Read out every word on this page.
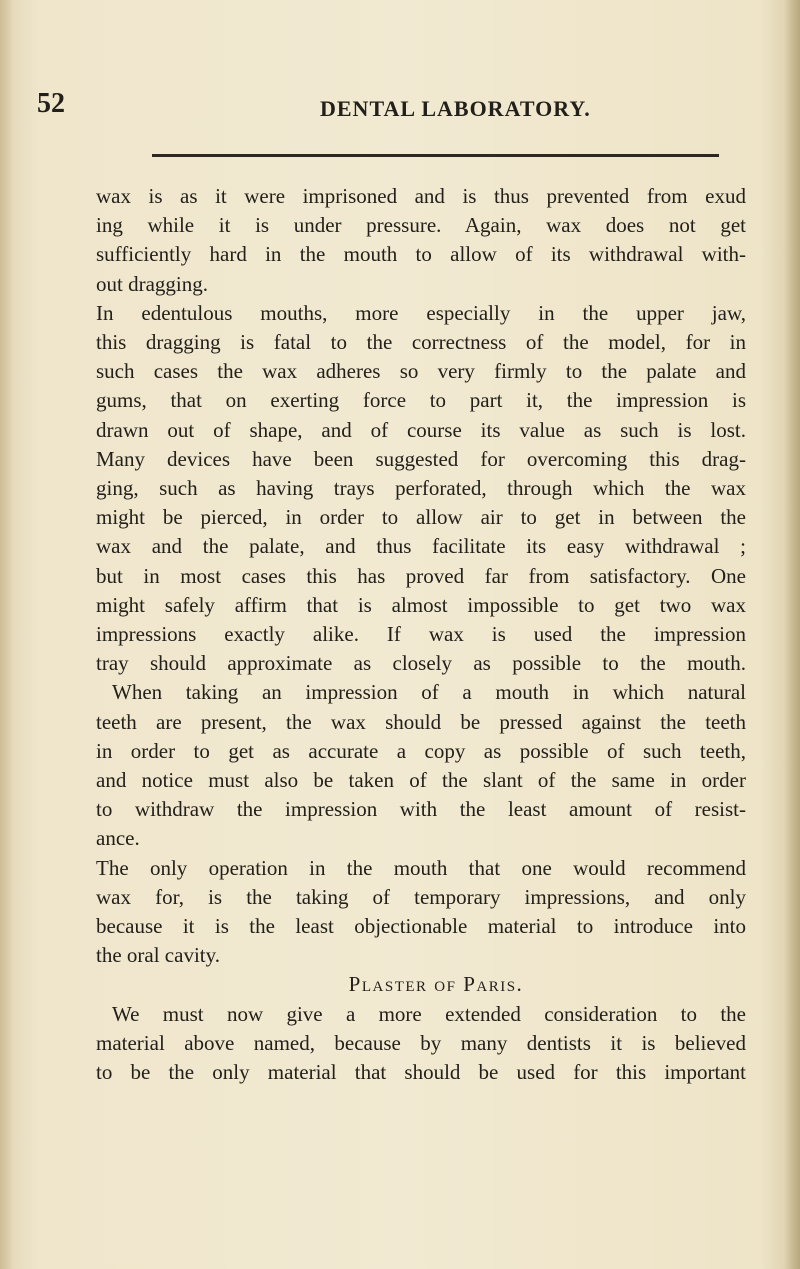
52	DENTAL LABORATORY.
wax is as it were imprisoned and is thus prevented from exud
ing while it is under pressure. Again, wax does not get
sufficiently hard in the mouth to allow of its withdrawal with-
out dragging.
In edentulous mouths, more especially in the upper jaw,
this dragging is fatal to the correctness of the model, for in
such cases the wax adheres so very firmly to the palate and
gums, that on exerting force to part it, the impression is
drawn out of shape, and of course its value as such is lost.
Many devices have been suggested for overcoming this drag-
ging, such as having trays perforated, through which the wax
might be pierced, in order to allow air to get in between the
wax and the palate, and thus facilitate its easy withdrawal ;
but in most cases this has proved far from satisfactory. One
might safely affirm that is almost impossible to get two wax
impressions exactly alike. If wax is used the impression
tray should approximate as closely as possible to the mouth.
When taking an impression of a mouth in which natural
teeth are present, the wax should be pressed against the teeth
in order to get as accurate a copy as possible of such teeth,
and notice must also be taken of the slant of the same in order
to withdraw the impression with the least amount of resist-
ance.
The only operation in the mouth that one would recommend
wax for, is the taking of temporary impressions, and only
because it is the least objectionable material to introduce into
the oral cavity.
Plaster of Paris.
We must now give a more extended consideration to the
material above named, because by many dentists it is believed
to be the only material that should be used for this important
